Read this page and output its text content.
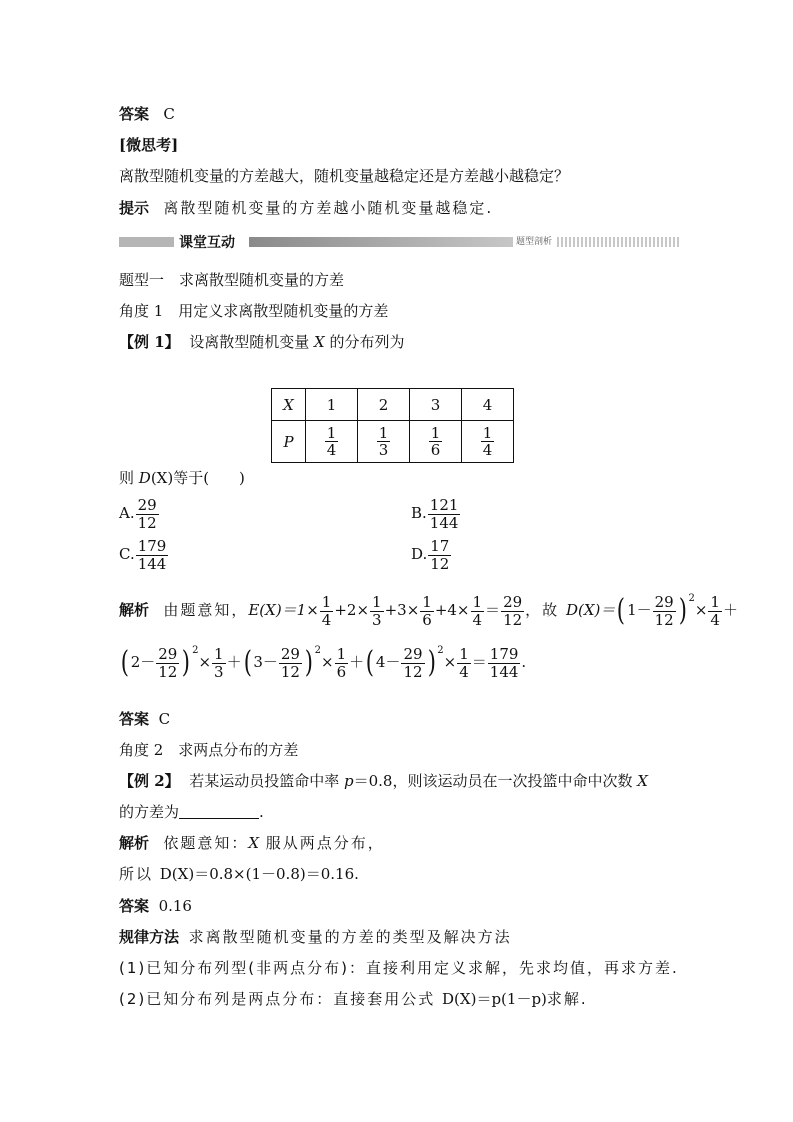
答案 C
[微思考]
离散型随机变量的方差越大，随机变量越稳定还是方差越小越稳定？
提示 离散型随机变量的方差越小随机变量越稳定.
课堂互动	题型剖析
题型一　求离散型随机变量的方差
角度 1　用定义求离散型随机变量的方差
【例 1】 设离散型随机变量 X 的分布列为
X	1	2	3	4
P	$\frac{1}{4}$	$\frac{1}{3}$	$\frac{1}{6}$	$\frac{1}{4}$
则 D(X)等于(　　)
A. $\frac{29}{12}$	B. $\frac{121}{144}$
C. $\frac{179}{144}$	D. $\frac{17}{12}$
解析 由题意知，$E(X)=1\times \frac{1}{4} +2\times \frac{1}{3} +3\times \frac{1}{6} +4\times \frac{1}{4} = \frac{29}{12}$ ，故 D(X)＝( $1- \frac{29}{12}$ ) $^2\times \frac{1}{4}$ ＋
( $2- \frac{29}{12}$ ) $^2\times \frac{1}{3}$ ＋( $3- \frac{29}{12}$ ) $^2\times \frac{1}{6}$ ＋( $4- \frac{29}{12}$ ) $^2\times \frac{1}{4} = \frac{179}{144}$ .
答案 C
角度 2　求两点分布的方差
【例 2】 若某运动员投篮命中率 p＝0.8，则该运动员在一次投篮中命中次数 X
的方差为	.
解析 依题意知：X 服从两点分布，
所以 D(X)＝0.8×(1－0.8)＝0.16.
答案 0.16
规律方法 求离散型随机变量的方差的类型及解决方法
(1)已知分布列型(非两点分布)：直接利用定义求解，先求均值，再求方差.
(2)已知分布列是两点分布：直接套用公式 D(X)＝p(1－p)求解.
